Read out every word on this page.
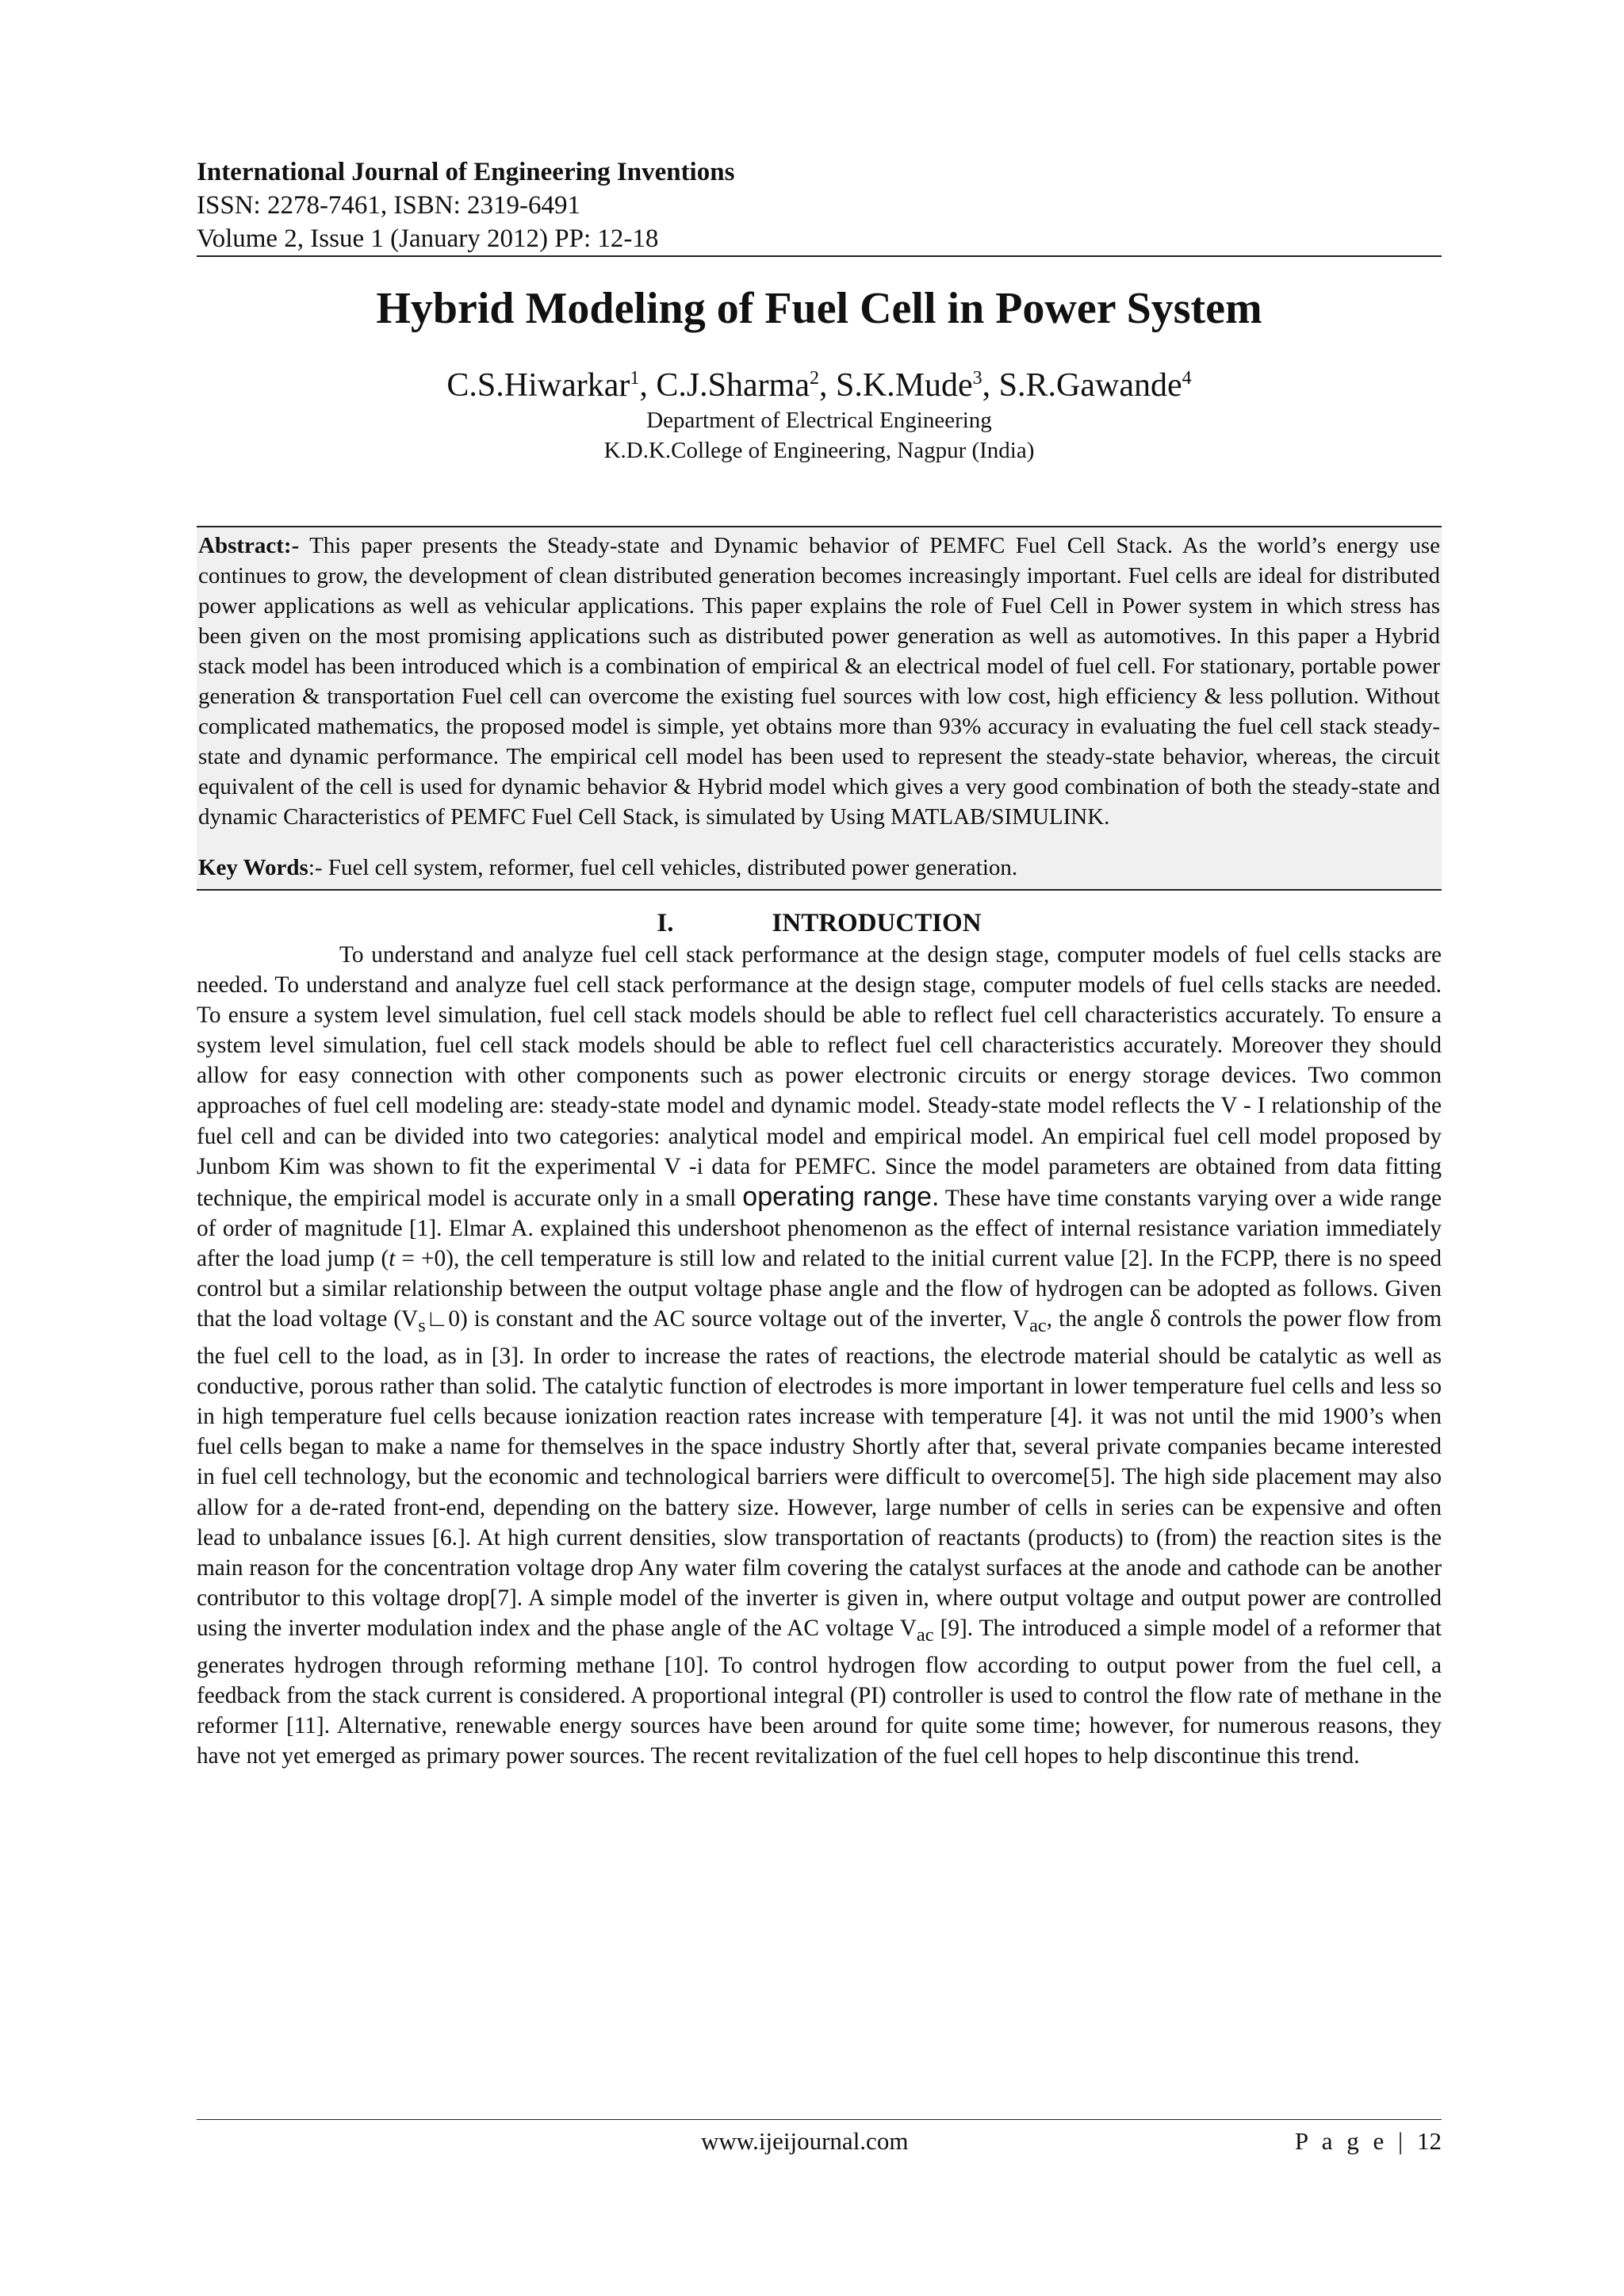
International Journal of Engineering Inventions
ISSN: 2278-7461, ISBN: 2319-6491
Volume 2, Issue 1 (January 2012) PP: 12-18
Hybrid Modeling of Fuel Cell in Power System
C.S.Hiwarkar$^1$, C.J.Sharma$^2$, S.K.Mude$^3$, S.R.Gawande$^4$
Department of Electrical Engineering
K.D.K.College of Engineering, Nagpur (India)

Abstract:- This paper presents the Steady-state and Dynamic behavior of PEMFC Fuel Cell Stack. As the world’s energy use continues to grow, the development of clean distributed generation becomes increasingly important. Fuel cells are ideal for distributed power applications as well as vehicular applications. This paper explains the role of Fuel Cell in Power system in which stress has been given on the most promising applications such as distributed power generation as well as automotives. In this paper a Hybrid stack model has been introduced which is a combination of empirical & an electrical model of fuel cell. For stationary, portable power generation & transportation Fuel cell can overcome the existing fuel sources with low cost, high efficiency & less pollution. Without complicated mathematics, the proposed model is simple, yet obtains more than 93% accuracy in evaluating the fuel cell stack steady-state and dynamic performance. The empirical cell model has been used to represent the steady-state behavior, whereas, the circuit equivalent of the cell is used for dynamic behavior & Hybrid model which gives a very good combination of both the steady-state and dynamic Characteristics of PEMFC Fuel Cell Stack, is simulated by Using MATLAB/SIMULINK.

Key Words:- Fuel cell system, reformer, fuel cell vehicles, distributed power generation.

I.	INTRODUCTION

To understand and analyze fuel cell stack performance at the design stage, computer models of fuel cells stacks are needed. To understand and analyze fuel cell stack performance at the design stage, computer models of fuel cells stacks are needed. To ensure a system level simulation, fuel cell stack models should be able to reflect fuel cell characteristics accurately. To ensure a system level simulation, fuel cell stack models should be able to reflect fuel cell characteristics accurately. Moreover they should allow for easy connection with other components such as power electronic circuits or energy storage devices. Two common approaches of fuel cell modeling are: steady-state model and dynamic model. Steady-state model reflects the V - I relationship of the fuel cell and can be divided into two categories: analytical model and empirical model. An empirical fuel cell model proposed by Junbom Kim was shown to fit the experimental V -i data for PEMFC. Since the model parameters are obtained from data fitting technique, the empirical model is accurate only in a small operating range. These have time constants varying over a wide range of order of magnitude [1]. Elmar A. explained this undershoot phenomenon as the effect of internal resistance variation immediately after the load jump (t = +0), the cell temperature is still low and related to the initial current value [2]. In the FCPP, there is no speed control but a similar relationship between the output voltage phase angle and the flow of hydrogen can be adopted as follows. Given that the load voltage $(V_s∟0)$ is constant and the AC source voltage out of the inverter, $V_{ac}$, the angle δ controls the power flow from the fuel cell to the load, as in [3]. In order to increase the rates of reactions, the electrode material should be catalytic as well as conductive, porous rather than solid. The catalytic function of electrodes is more important in lower temperature fuel cells and less so in high temperature fuel cells because ionization reaction rates increase with temperature [4]. it was not until the mid 1900’s when fuel cells began to make a name for themselves in the space industry Shortly after that, several private companies became interested in fuel cell technology, but the economic and technological barriers were difficult to overcome[5]. The high side placement may also allow for a de-rated front-end, depending on the battery size. However, large number of cells in series can be expensive and often lead to unbalance issues [6.]. At high current densities, slow transportation of reactants (products) to (from) the reaction sites is the main reason for the concentration voltage drop Any water film covering the catalyst surfaces at the anode and cathode can be another contributor to this voltage drop[7]. A simple model of the inverter is given in, where output voltage and output power are controlled using the inverter modulation index and the phase angle of the AC voltage $V_{ac}$ [9]. The introduced a simple model of a reformer that generates hydrogen through reforming methane [10]. To control hydrogen flow according to output power from the fuel cell, a feedback from the stack current is considered. A proportional integral (PI) controller is used to control the flow rate of methane in the reformer [11]. Alternative, renewable energy sources have been around for quite some time; however, for numerous reasons, they have not yet emerged as primary power sources. The recent revitalization of the fuel cell hopes to help discontinue this trend.

www.ijeijournal.com	P a g e | 12
